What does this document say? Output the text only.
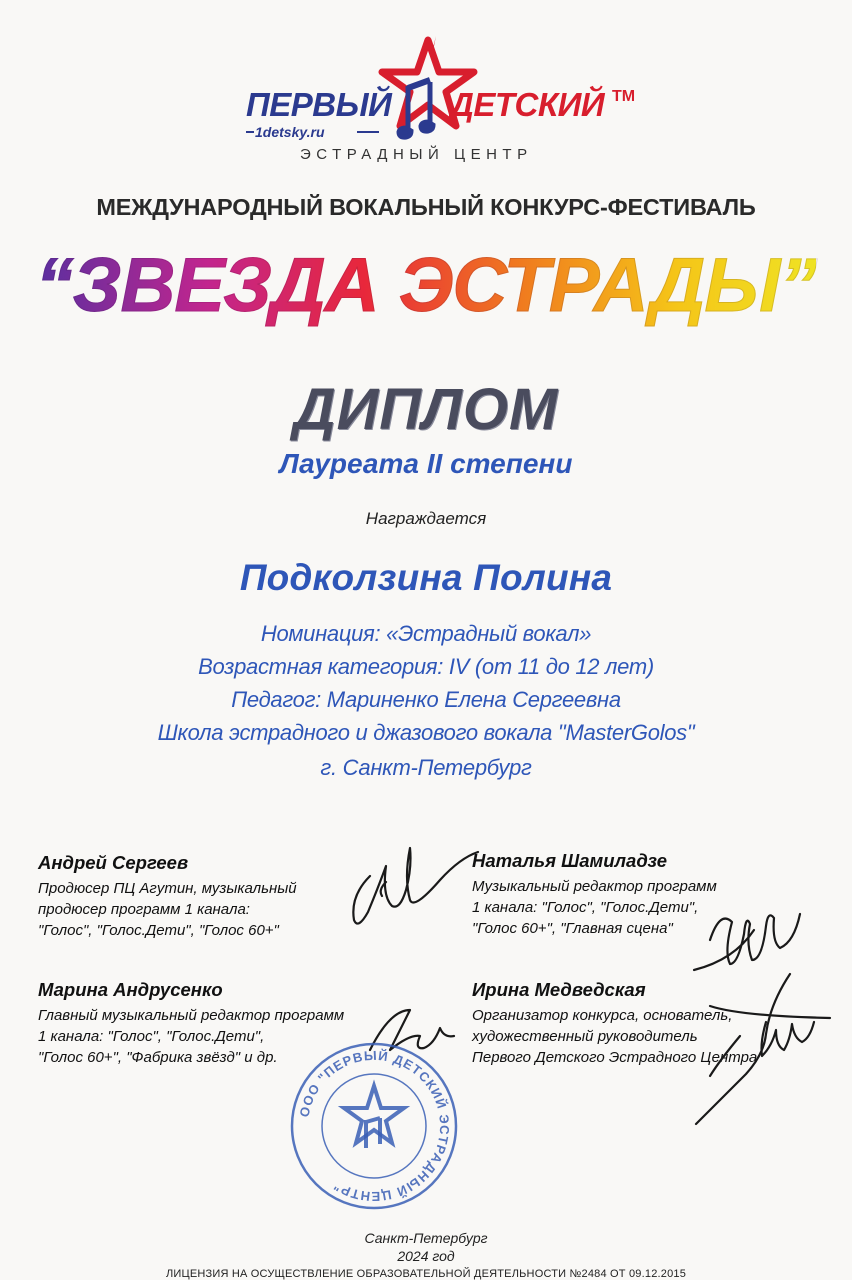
ПЕРВЫЙ ДЕТСКИЙ TM
1detsky.ru
ЭСТРАДНЫЙ ЦЕНТР
МЕЖДУНАРОДНЫЙ ВОКАЛЬНЫЙ КОНКУРС-ФЕСТИВАЛЬ
“ЗВЕЗДА ЭСТРАДЫ”
ДИПЛОМ
Лауреата II степени
Награждается
Подколзина Полина
Номинация: «Эстрадный вокал»
Возрастная категория: IV (от 11 до 12 лет)
Педагог: Мариненко Елена Сергеевна
Школа эстрадного и джазового вокала "MasterGolos"
г. Санкт-Петербург
Андрей Сергеев
Продюсер ПЦ Агутин, музыкальный
продюсер программ 1 канала:
"Голос", "Голос.Дети", "Голос 60+"
Наталья Шамиладзе
Музыкальный редактор программ
1 канала: "Голос", "Голос.Дети",
"Голос 60+", "Главная сцена"
Марина Андрусенко
Главный музыкальный редактор программ
1 канала: "Голос", "Голос.Дети",
"Голос 60+", "Фабрика звёзд" и др.
Ирина Медведская
Организатор конкурса, основатель,
художественный руководитель
Первого Детского Эстрадного Центра
ООО "ПЕРВЫЙ ДЕТСКИЙ ЭСТРАДНЫЙ ЦЕНТР"
Санкт-Петербург
2024 год
ЛИЦЕНЗИЯ НА ОСУЩЕСТВЛЕНИЕ ОБРАЗОВАТЕЛЬНОЙ ДЕЯТЕЛЬНОСТИ №2484 ОТ 09.12.2015
